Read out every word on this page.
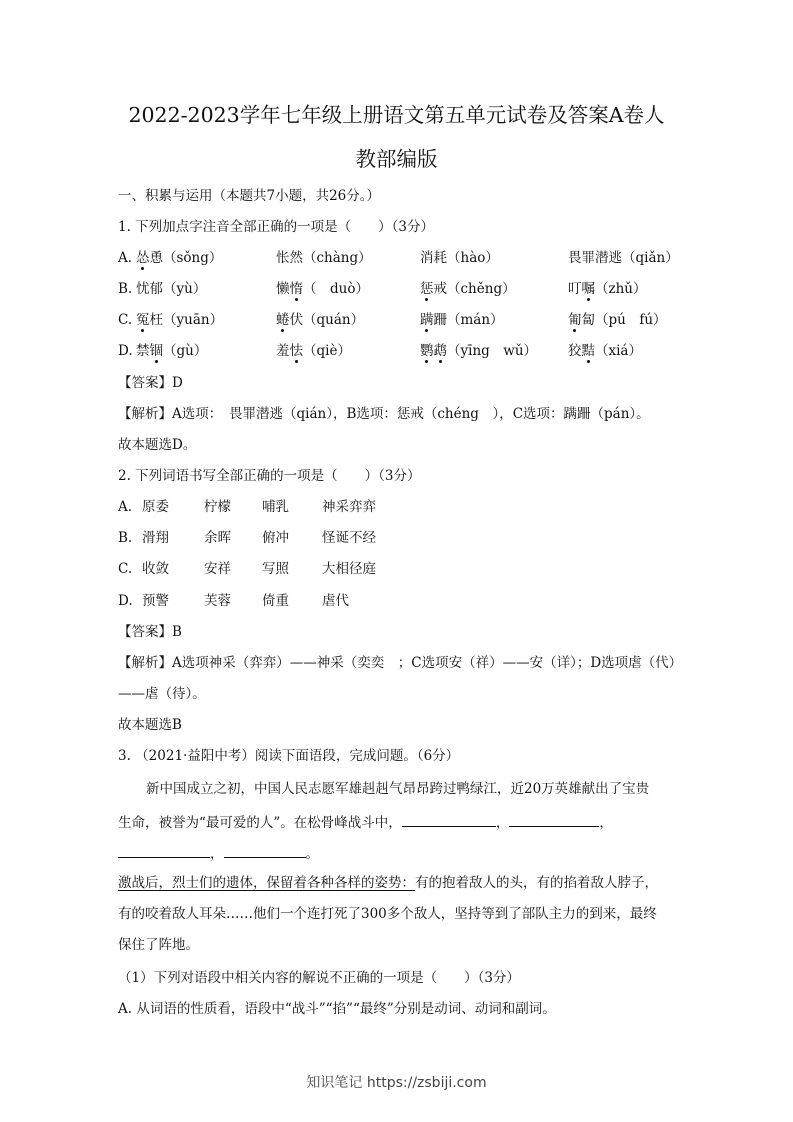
2022-2023学年七年级上册语文第五单元试卷及答案A卷人
教部编版
一、积累与运用（本题共7小题，共26分。）
1. 下列加点字注音全部正确的一项是（　　）（3分）
A. 怂恿（sǒng）	怅然（chàng）	消耗（hào）	畏罪潜逃（qiǎn）
B. 忧郁（yù）	懒惰（　duò）	惩戒（chěng）	叮嘱（zhǔ）
C. 冤枉（yuān）	蜷伏（quán）	蹒跚（mán）	匍匐（pú　fú）
D. 禁锢（gù）	羞怯（qiè）	鹦鹉（yīng　wǔ） 狡黠（xiá）
【答案】D
【解析】A选项：　畏罪潜逃（qián），B选项：惩戒（chéng　），C选项：蹒跚（pán）。
故本题选D。
2. 下列词语书写全部正确的一项是（　　）（3分）
A. 原委	柠檬 哺乳 神采弈弈
B. 滑翔	余晖 俯冲 怪诞不经
C. 收敛	安祥 写照 大相径庭
D. 预警	芙蓉 倚重 虐代
【答案】B
【解析】A选项神采（弈弈）——神采（奕奕　；C选项安（祥）——安（详）；D选项虐（代）
——虐（待）。
故本题选B
3. （2021·益阳中考）阅读下面语段，完成问题。（6分）
新中国成立之初，中国人民志愿军雄赳赳气昂昂跨过鸭绿江，近20万英雄献出了宝贵
生命，被誉为“最可爱的人”。在松骨峰战斗中，	，	，
，	。
激战后，烈士们的遗体，保留着各种各样的姿势：有的抱着敌人的头，有的掐着敌人脖子，
有的咬着敌人耳朵……他们一个连打死了300多个敌人，坚持等到了部队主力的到来，最终
保住了阵地。
（1）下列对语段中相关内容的解说不正确的一项是（　　）（3分）
A. 从词语的性质看，语段中“战斗”“掐”“最终”分别是动词、动词和副词。
知识笔记 https://zsbiji.com
